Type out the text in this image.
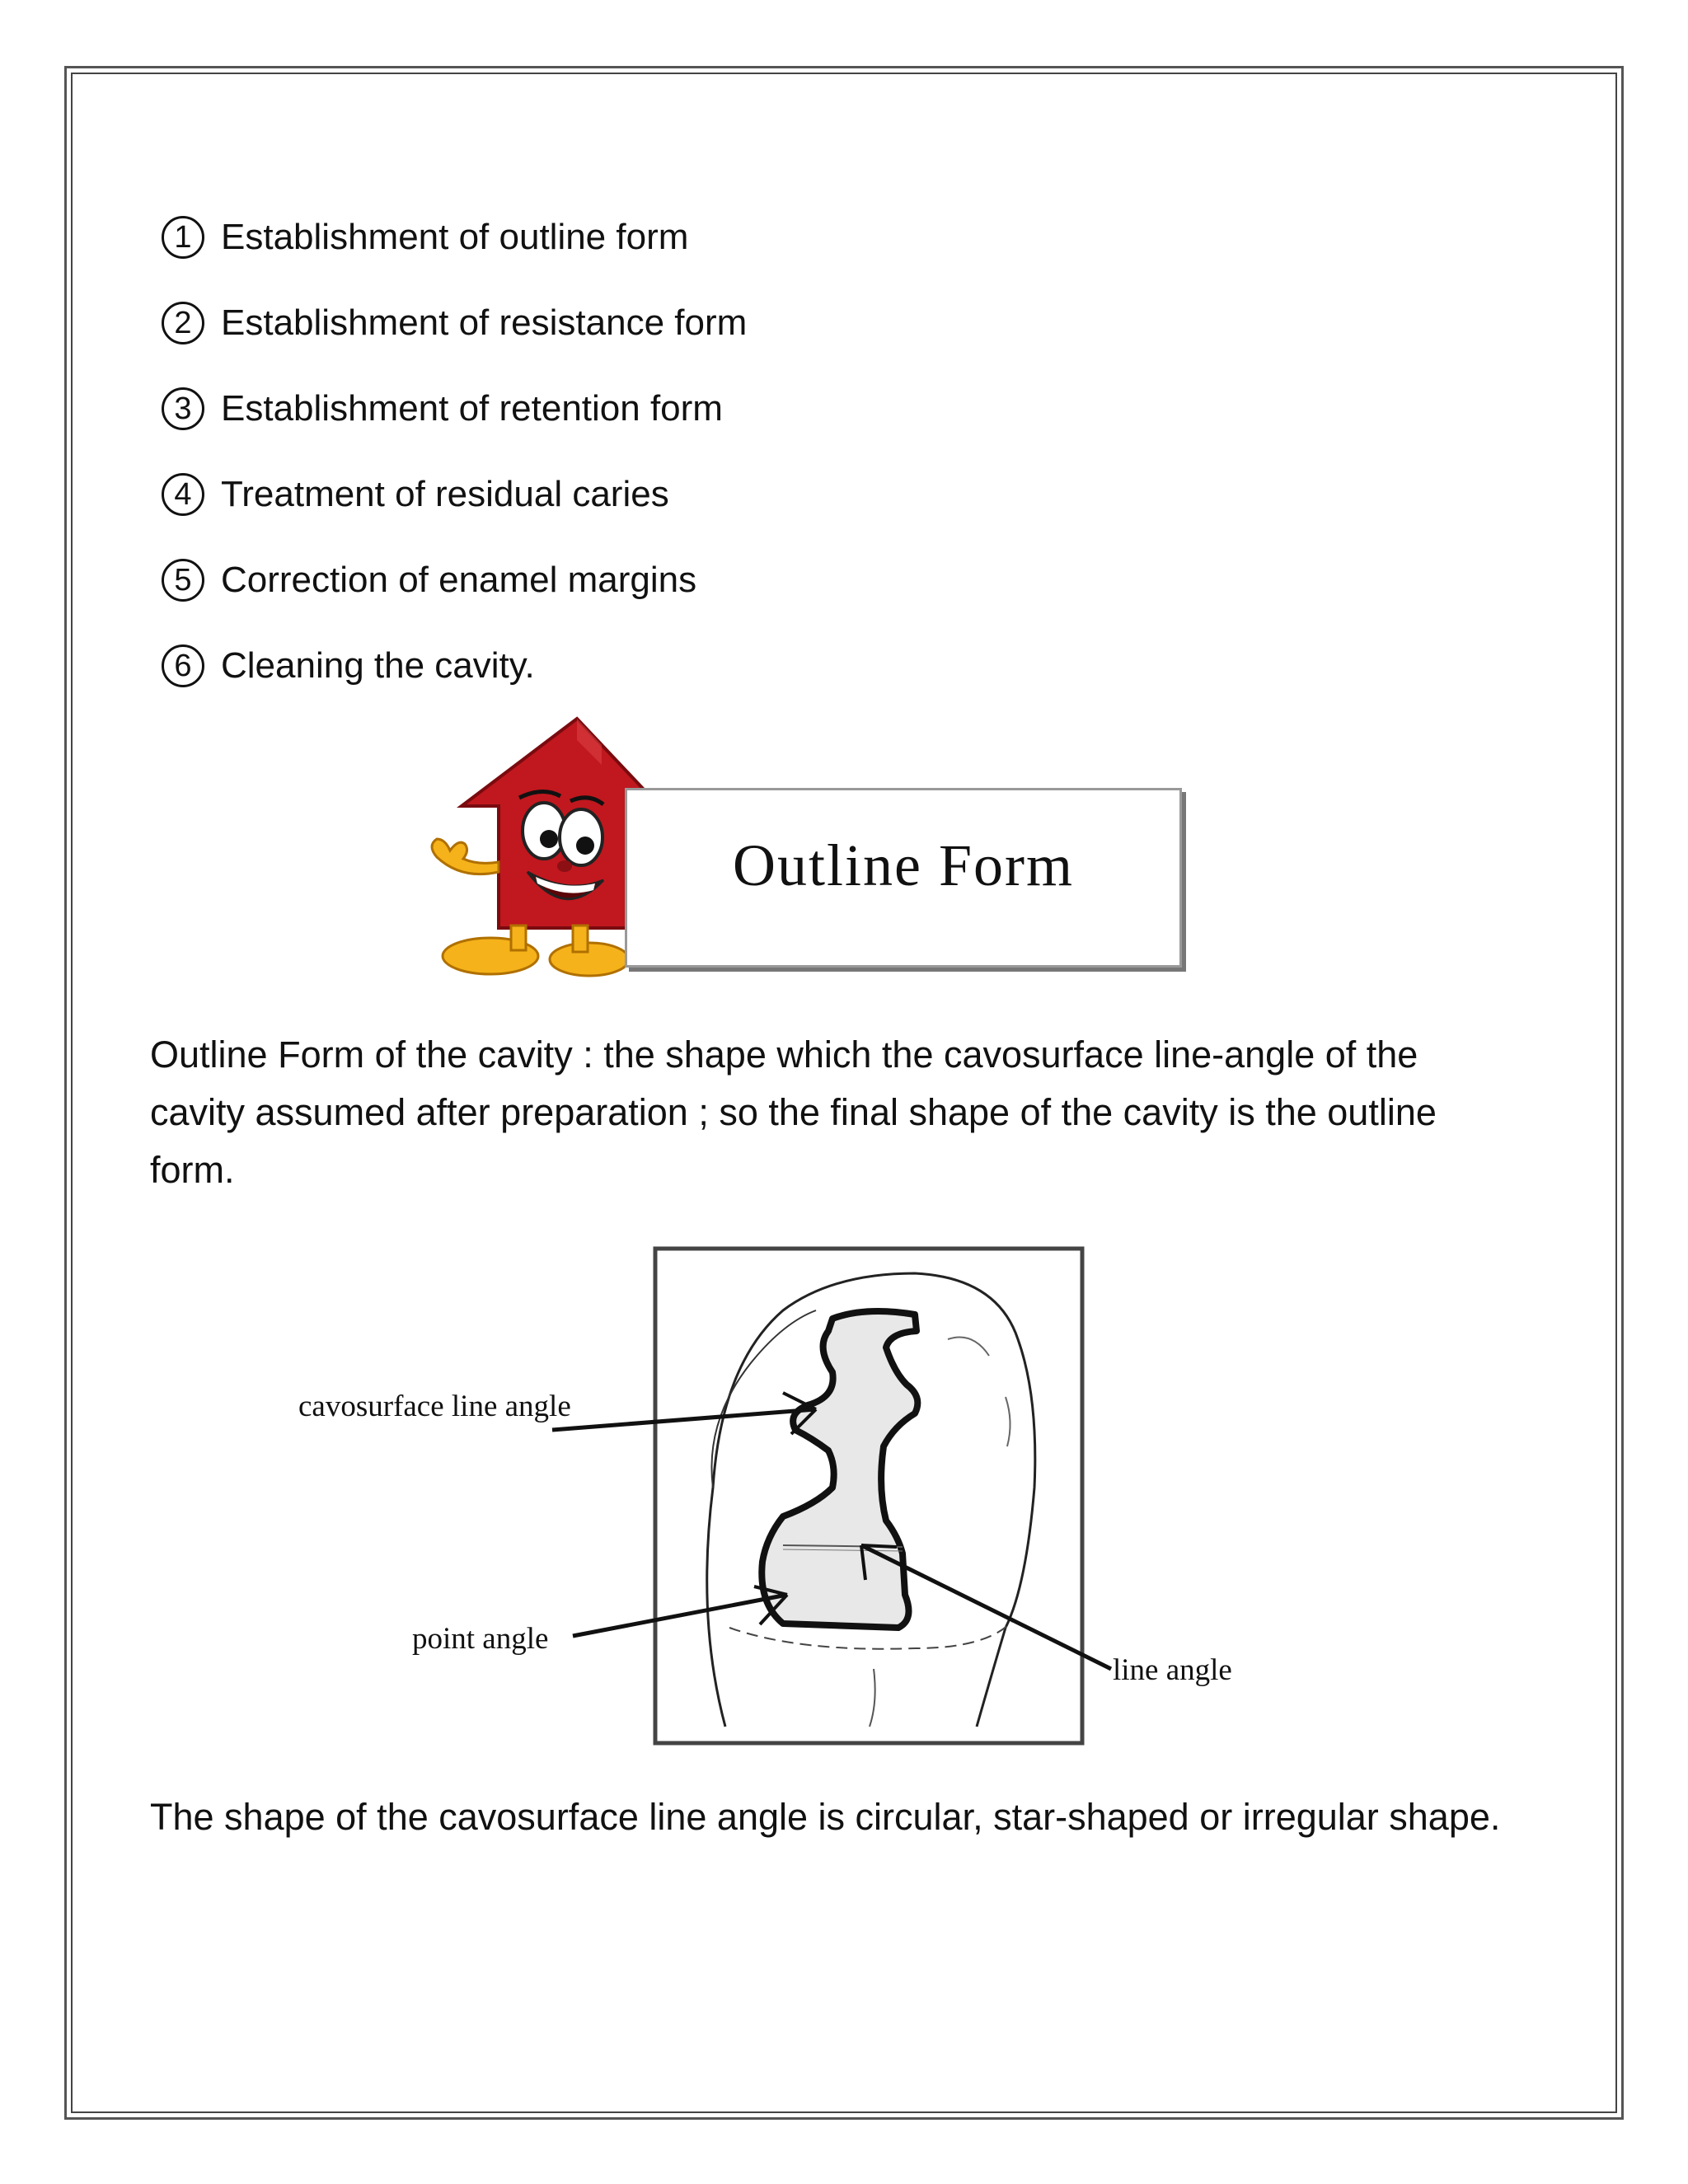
1 Establishment of outline form
2 Establishment of resistance form
3 Establishment of retention form
4 Treatment of residual caries
5 Correction of enamel margins
6 Cleaning the cavity.
Outline Form

Outline Form of the cavity : the shape which the cavosurface line-angle of the cavity assumed after preparation ; so the final shape of the cavity is the outline form.

cavosurface line angle
point angle
line angle

The shape of the cavosurface line angle is circular, star-shaped or irregular shape.
